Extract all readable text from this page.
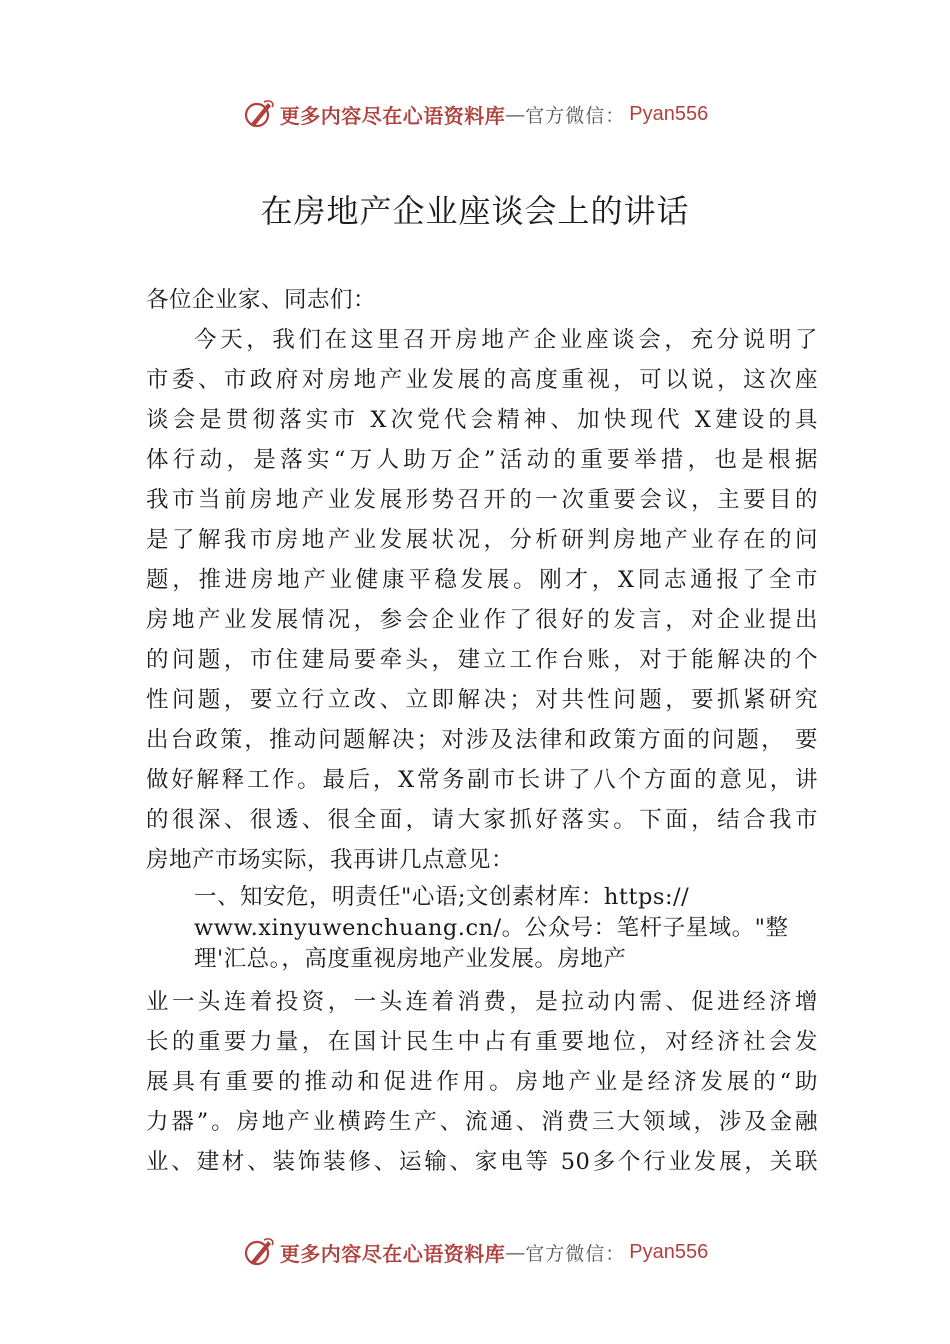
更多内容尽在心语资料库 — 官方微信： Pyan556
在房地产企业座谈会上的讲话
各位企业家、同志们：
今天，我们在这里召开房地产企业座谈会，充分说明了
市委、市政府对房地产业发展的高度重视，可以说，这次座
谈会是贯彻落实市 X次党代会精神、加快现代 X建设的具
体行动，是落实“万人助万企”活动的重要举措，也是根据
我市当前房地产业发展形势召开的一次重要会议，主要目的
是了解我市房地产业发展状况，分析研判房地产业存在的问
题，推进房地产业健康平稳发展。刚才，X同志通报了全市
房地产业发展情况，参会企业作了很好的发言，对企业提出
的问题，市住建局要牵头，建立工作台账，对于能解决的个
性问题，要立行立改、立即解决；对共性问题，要抓紧研究
出台政策，推动问题解决；对涉及法律和政策方面的问题， 要
做好解释工作。最后，X常务副市长讲了八个方面的意见，讲
的很深、很透、很全面，请大家抓好落实。下面，结合我市
房地产市场实际，我再讲几点意见：
一、知安危，明责任"心语;文创素材库：https://
www.xinyuwenchuang.cn/。公众号：笔杆子星域。"整
理'汇总。，高度重视房地产业发展。房地产
业一头连着投资，一头连着消费，是拉动内需、促进经济增
长的重要力量，在国计民生中占有重要地位，对经济社会发
展具有重要的推动和促进作用。房地产业是经济发展的“助
力器”。房地产业横跨生产、流通、消费三大领域，涉及金融
业、建材、装饰装修、运输、家电等 50多个行业发展，关联
更多内容尽在心语资料库 — 官方微信： Pyan556
